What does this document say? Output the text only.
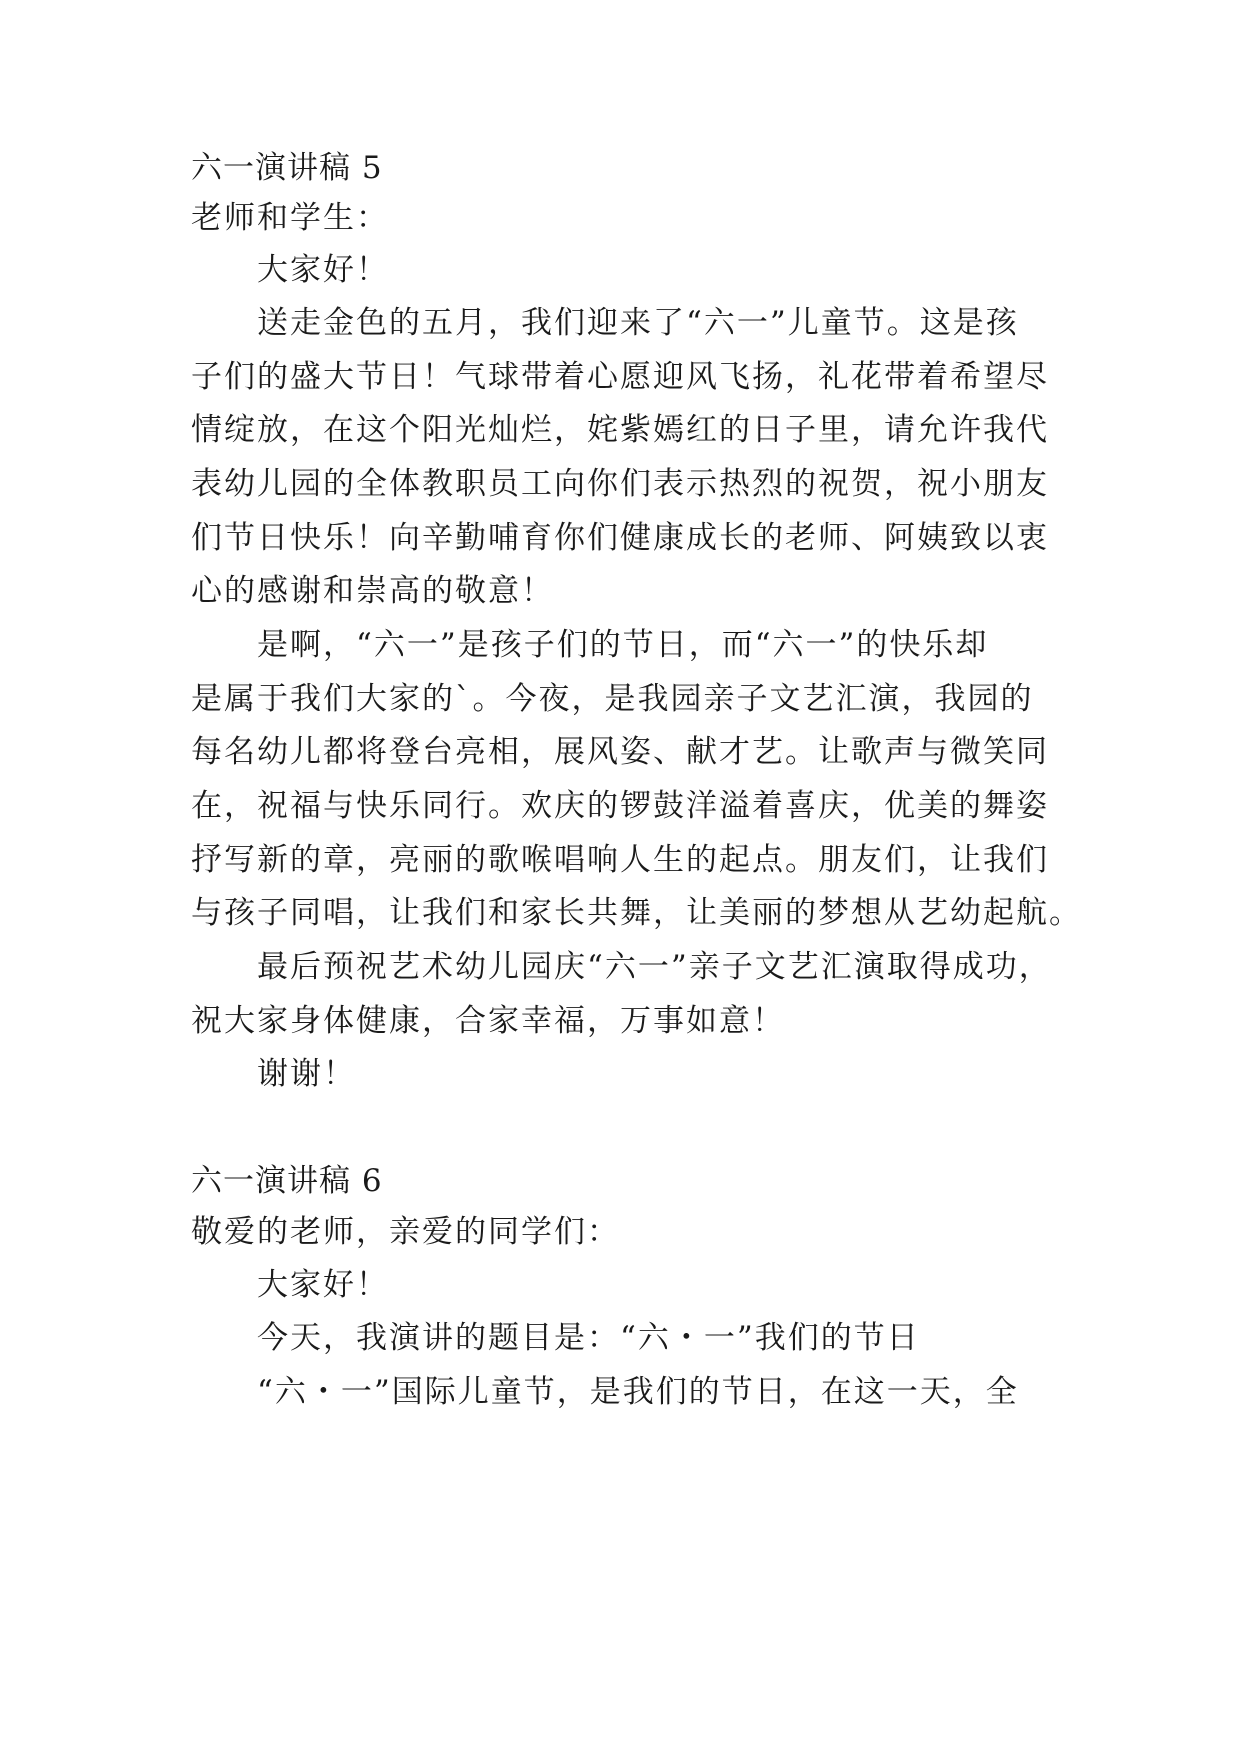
六一演讲稿 5
老师和学生：
大家好！
送走金色的五月，我们迎来了“六一”儿童节。这是孩
子们的盛大节日！气球带着心愿迎风飞扬，礼花带着希望尽
情绽放，在这个阳光灿烂，姹紫嫣红的日子里，请允许我代
表幼儿园的全体教职员工向你们表示热烈的祝贺，祝小朋友
们节日快乐！向辛勤哺育你们健康成长的老师、阿姨致以衷
心的感谢和崇高的敬意！
是啊，“六一”是孩子们的节日，而“六一”的快乐却
是属于我们大家的`。今夜，是我园亲子文艺汇演，我园的
每名幼儿都将登台亮相，展风姿、献才艺。让歌声与微笑同
在，祝福与快乐同行。欢庆的锣鼓洋溢着喜庆，优美的舞姿
抒写新的章，亮丽的歌喉唱响人生的起点。朋友们，让我们
与孩子同唱，让我们和家长共舞，让美丽的梦想从艺幼起航。
最后预祝艺术幼儿园庆“六一”亲子文艺汇演取得成功，
祝大家身体健康，合家幸福，万事如意！
谢谢！
六一演讲稿 6
敬爱的老师，亲爱的同学们：
大家好！
今天，我演讲的题目是：“六・一”我们的节日
“六・一”国际儿童节，是我们的节日，在这一天，全
